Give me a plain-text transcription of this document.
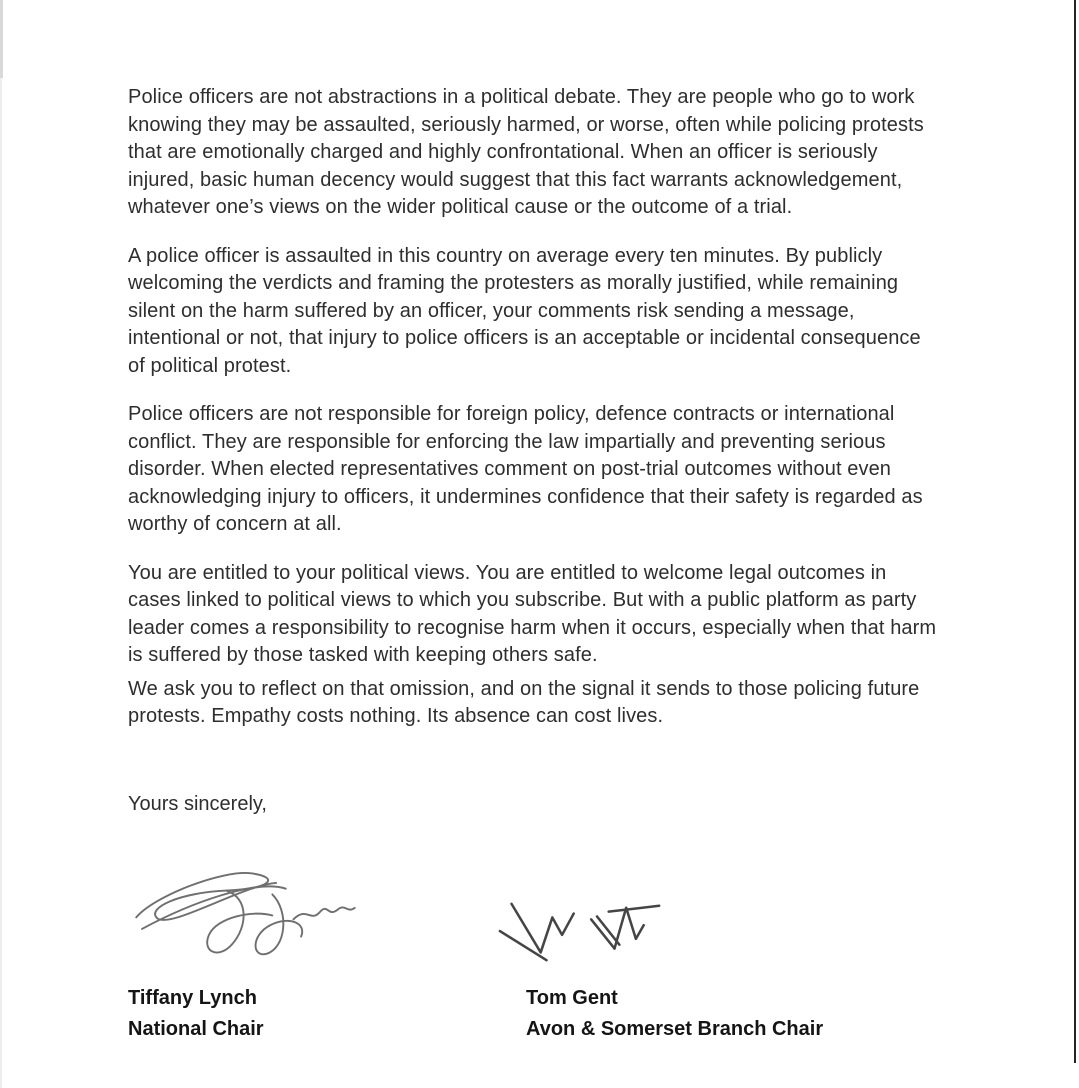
Police officers are not abstractions in a political debate. They are people who go to work knowing they may be assaulted, seriously harmed, or worse, often while policing protests that are emotionally charged and highly confrontational. When an officer is seriously injured, basic human decency would suggest that this fact warrants acknowledgement, whatever one’s views on the wider political cause or the outcome of a trial.

A police officer is assaulted in this country on average every ten minutes. By publicly welcoming the verdicts and framing the protesters as morally justified, while remaining silent on the harm suffered by an officer, your comments risk sending a message, intentional or not, that injury to police officers is an acceptable or incidental consequence of political protest.

Police officers are not responsible for foreign policy, defence contracts or international conflict. They are responsible for enforcing the law impartially and preventing serious disorder. When elected representatives comment on post-trial outcomes without even acknowledging injury to officers, it undermines confidence that their safety is regarded as worthy of concern at all.

You are entitled to your political views. You are entitled to welcome legal outcomes in cases linked to political views to which you subscribe. But with a public platform as party leader comes a responsibility to recognise harm when it occurs, especially when that harm is suffered by those tasked with keeping others safe.

We ask you to reflect on that omission, and on the signal it sends to those policing future protests. Empathy costs nothing. Its absence can cost lives.

Yours sincerely,
Tiffany Lynch
National Chair
Tom Gent
Avon & Somerset Branch Chair
